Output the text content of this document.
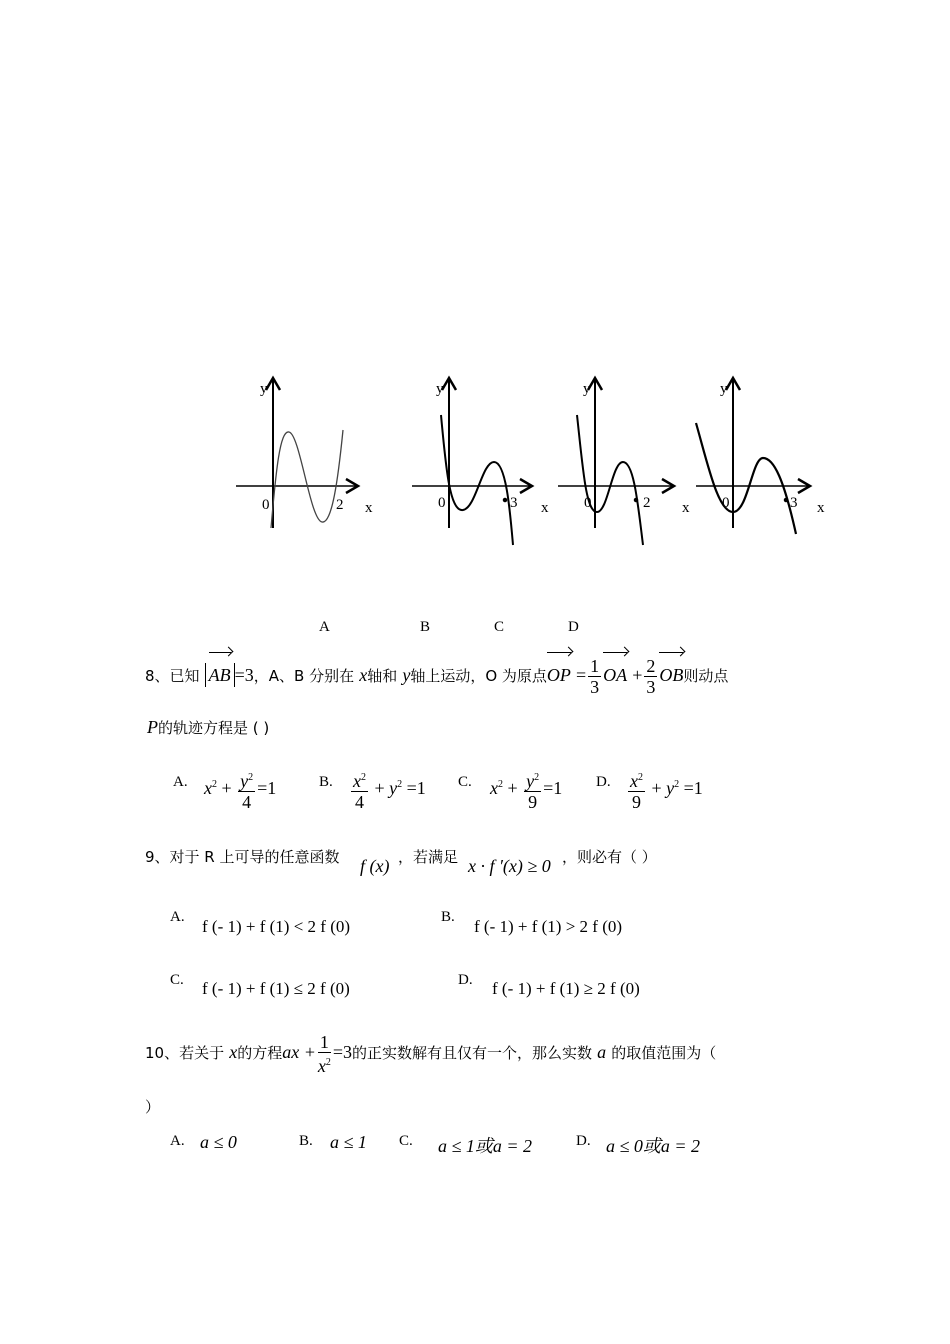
y
0	2 x
y
0	3 x
y
0	2 x
y
0	3 x
A	B	C	D
8、已知 AB =3，A、B 分别在 x轴和 y轴上运动，O 为原点OP = $\frac{1}{3}$ OA + $\frac{2}{3}$ OB则动点
P的轨迹方程是 ( )
A. $x^2 + \frac{y^2}{4} =1$	B. $\frac{x^2}{4} + y^2 =1$ C. $x^2 + \frac{y^2}{9} =1$ D. $\frac{x^2}{9} + y^2 =1$
9、对于 R 上可导的任意函数 f (x) ，若满足 x · f ′(x) ≥ 0 ，则必有（ ）
A. f (- 1) + f (1) < 2 f (0)	B. f (- 1) + f (1) > 2 f (0)
C. f (- 1) + f (1) ≤ 2 f (0)	D. f (- 1) + f (1) ≥ 2 f (0)
10、若关于 x的方程ax + $\frac{1}{x^2} =3$的正实数解有且仅有一个，那么实数 a 的取值范围为（
）
A. a ≤ 0	B. a ≤ 1 C. a ≤ 1或a = 2	D. a ≤ 0或a = 2
